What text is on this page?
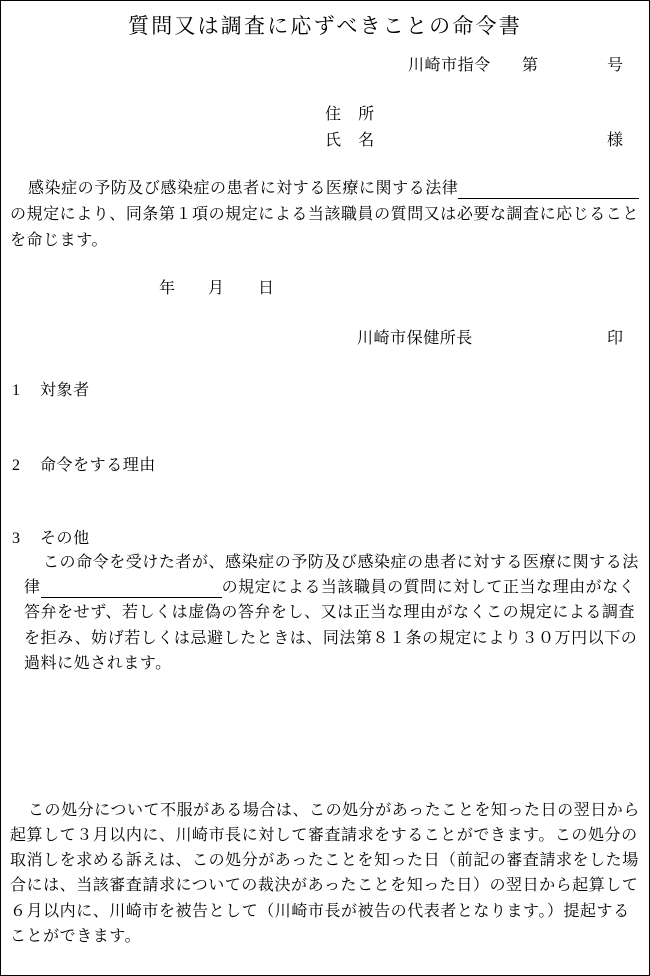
質問又は調査に応ずべきことの命令書
川崎市指令 第	号
住　所
氏　名	様
感染症の予防及び感染症の患者に対する医療に関する法律
の規定により、同条第１項の規定による当該職員の質問又は必要な調査に応じること
を命じます。
年 月 日
川崎市保健所長	印
1 対象者
2 命令をする理由
3 その他
この命令を受けた者が、感染症の予防及び感染症の患者に対する医療に関する法
律	の規定による当該職員の質問に対して正当な理由がなく
答弁をせず、若しくは虚偽の答弁をし、又は正当な理由がなくこの規定による調査
を拒み、妨げ若しくは忌避したときは、同法第８１条の規定により３０万円以下の
過料に処されます。
この処分について不服がある場合は、この処分があったことを知った日の翌日から
起算して３月以内に、川崎市長に対して審査請求をすることができます。この処分の
取消しを求める訴えは、この処分があったことを知った日（前記の審査請求をした場
合には、当該審査請求についての裁決があったことを知った日）の翌日から起算して
６月以内に、川崎市を被告として（川崎市長が被告の代表者となります。）提起する
ことができます。
